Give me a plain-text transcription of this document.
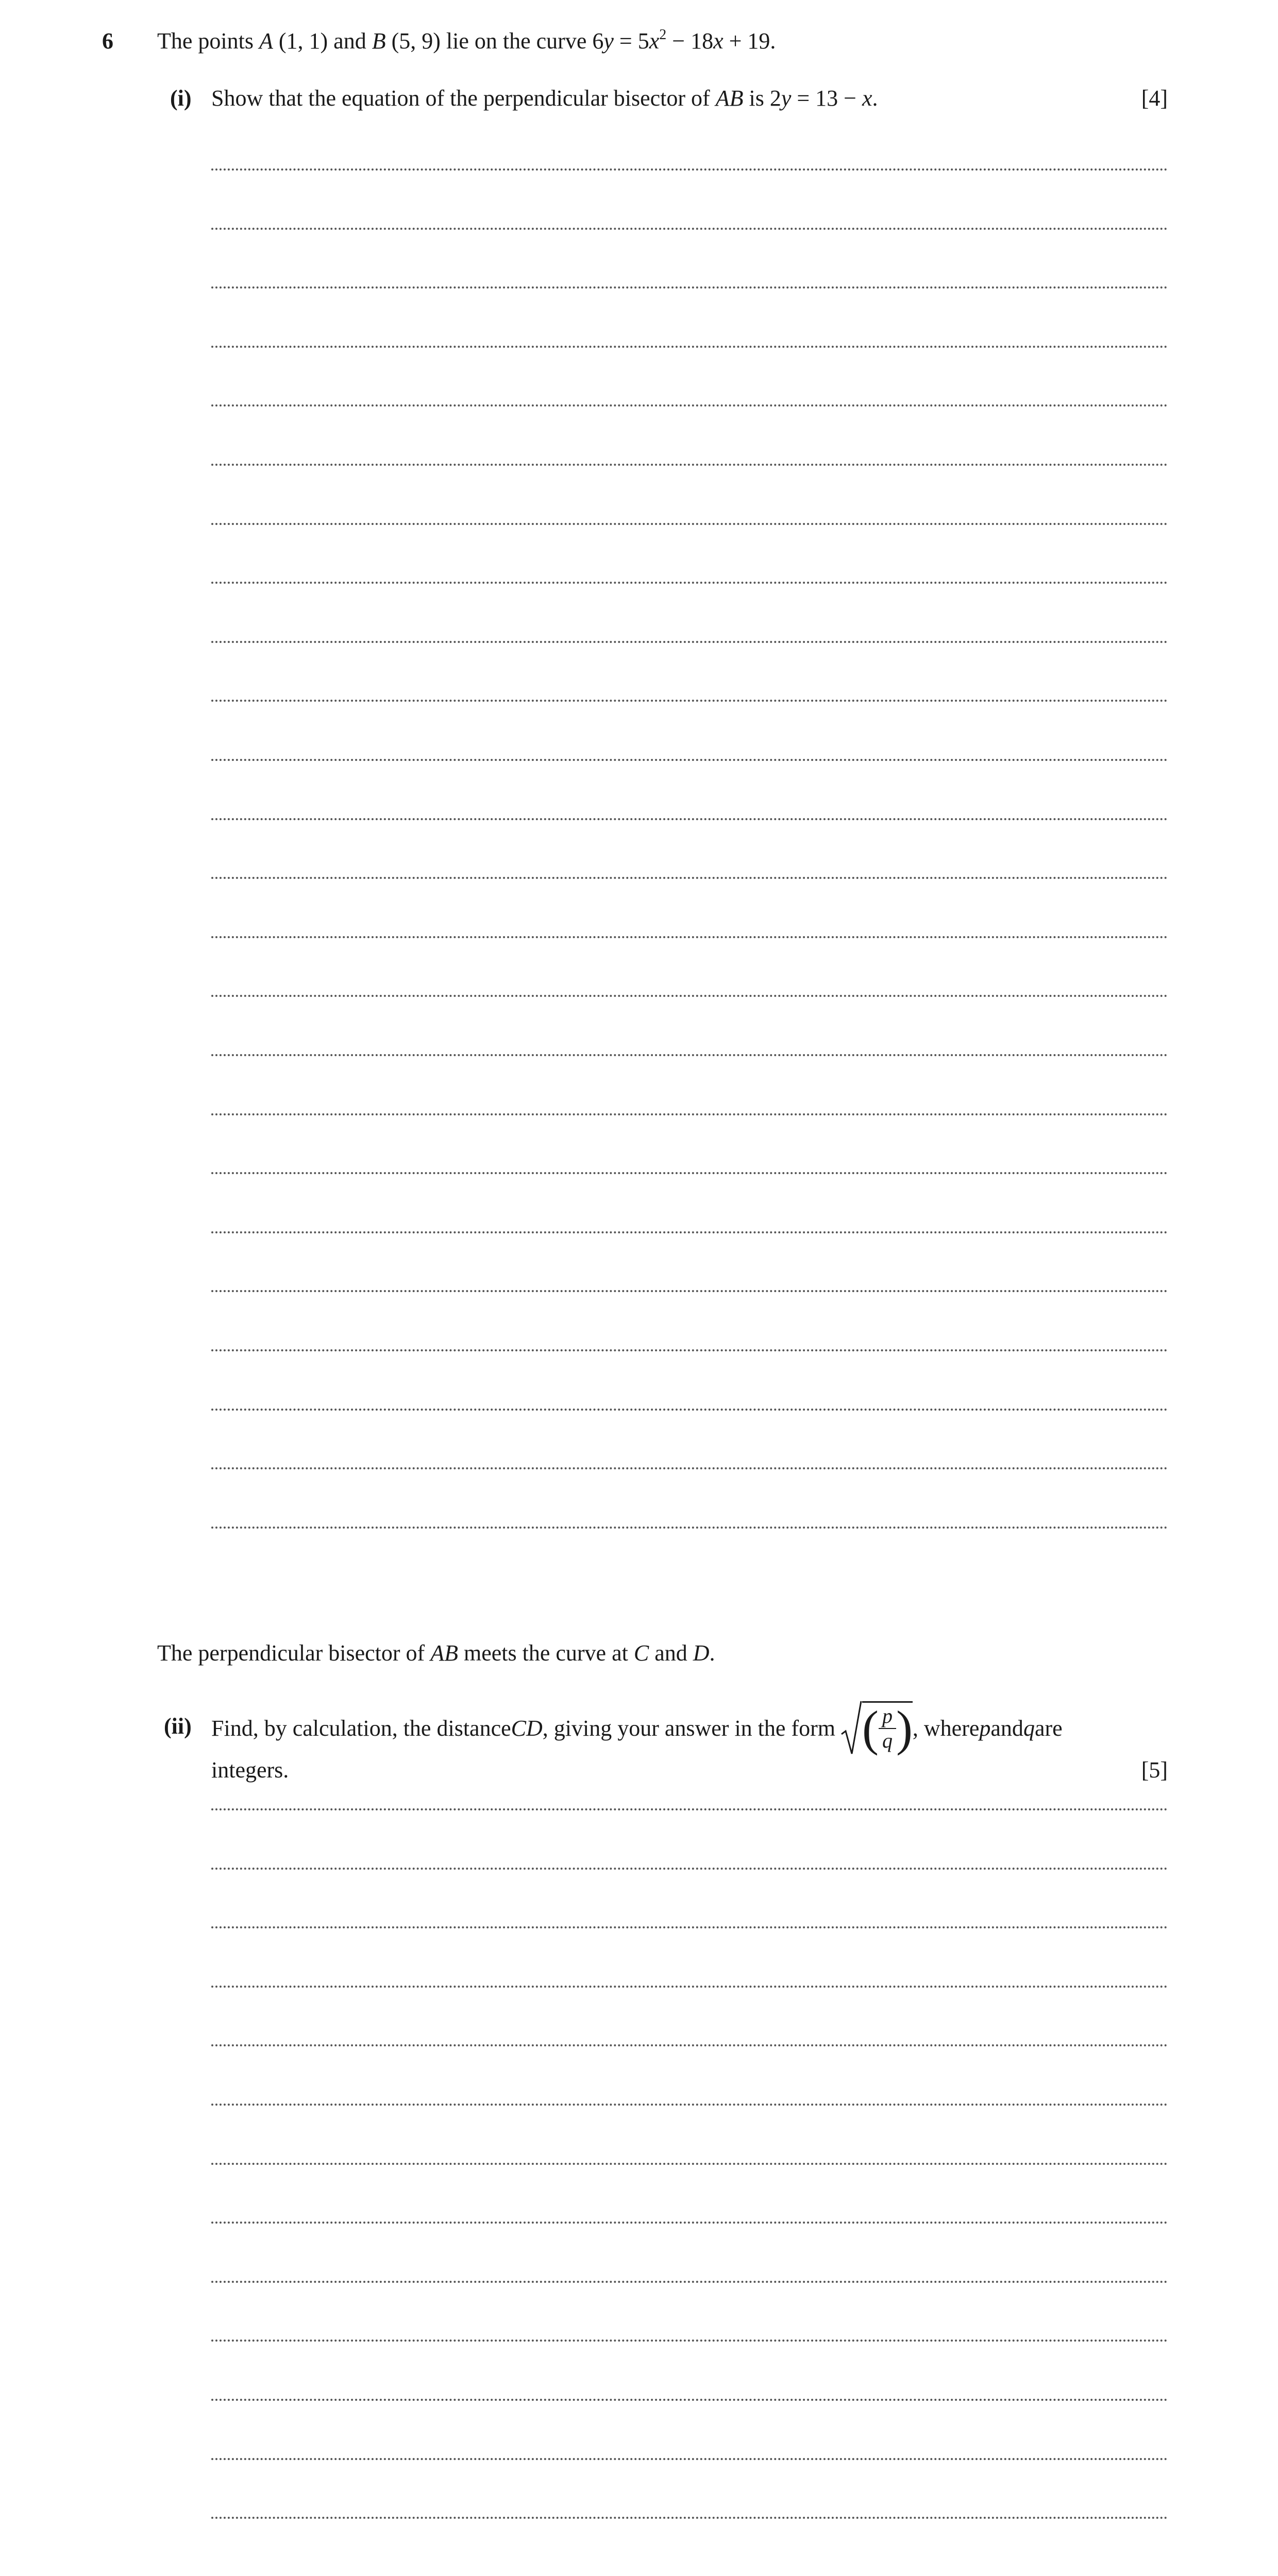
6 The points A (1, 1) and B (5, 9) lie on the curve $6y = 5x^2 - 18x + 19$.
(i) Show that the equation of the perpendicular bisector of AB is 2y = 13 − x.	[4]
The perpendicular bisector of AB meets the curve at C and D.
(ii) Find, by calculation, the distance CD , giving your answer in the form ( $\frac{p}{q}$ ) , where p and q are
integers.	[5]
